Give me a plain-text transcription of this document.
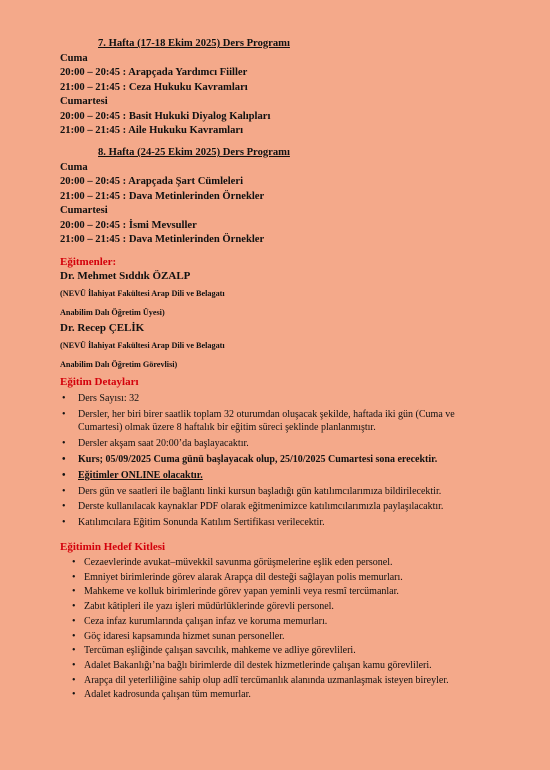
7. Hafta (17-18 Ekim 2025) Ders Programı
Cuma
20:00 – 20:45 : Arapçada Yardımcı Fiiller
21:00 – 21:45 : Ceza Hukuku Kavramları
Cumartesi
20:00 – 20:45 : Basit Hukuki Diyalog Kalıpları
21:00 – 21:45 : Aile Hukuku Kavramları
8. Hafta (24-25 Ekim 2025) Ders Programı
Cuma
20:00 – 20:45 : Arapçada Şart Cümleleri
21:00 – 21:45 : Dava Metinlerinden Örnekler
Cumartesi
20:00 – 20:45 : İsmi Mevsuller
21:00 – 21:45 : Dava Metinlerinden Örnekler
Eğitmenler:
Dr. Mehmet Sıddık ÖZALP
(NEVÜ İlahiyat Fakültesi Arap Dili ve Belagatı
Anabilim Dalı Öğretim Üyesi)
Dr. Recep ÇELİK
(NEVÜ İlahiyat Fakültesi Arap Dili ve Belagatı
Anabilim Dalı Öğretim Görevlisi)
Eğitim Detayları
• Ders Sayısı: 32
• Dersler, her biri birer saatlik toplam 32 oturumdan oluşacak şekilde, haftada iki gün (Cuma ve Cumartesi) olmak üzere 8 haftalık bir eğitim süreci şeklinde planlanmıştır.
• Dersler akşam saat 20:00’da başlayacaktır.
• Kurs; 05/09/2025 Cuma günü başlayacak olup, 25/10/2025 Cumartesi sona erecektir.
• Eğitimler ONLINE olacaktır.
• Ders gün ve saatleri ile bağlantı linki kursun başladığı gün katılımcılarımıza bildirilecektir.
• Derste kullanılacak kaynaklar PDF olarak eğitmenimizce katılımcılarımızla paylaşılacaktır.
• Katılımcılara Eğitim Sonunda Katılım Sertifikası verilecektir.
Eğitimin Hedef Kitlesi
• Cezaevlerinde avukat–müvekkil savunma görüşmelerine eşlik eden personel.
• Emniyet birimlerinde görev alarak Arapça dil desteği sağlayan polis memurları.
• Mahkeme ve kolluk birimlerinde görev yapan yeminli veya resmî tercümanlar.
• Zabıt kâtipleri ile yazı işleri müdürlüklerinde görevli personel.
• Ceza infaz kurumlarında çalışan infaz ve koruma memurları.
• Göç idaresi kapsamında hizmet sunan personeller.
• Tercüman eşliğinde çalışan savcılık, mahkeme ve adliye görevlileri.
• Adalet Bakanlığı’na bağlı birimlerde dil destek hizmetlerinde çalışan kamu görevlileri.
• Arapça dil yeterliliğine sahip olup adlî tercümanlık alanında uzmanlaşmak isteyen bireyler.
• Adalet kadrosunda çalışan tüm memurlar.
